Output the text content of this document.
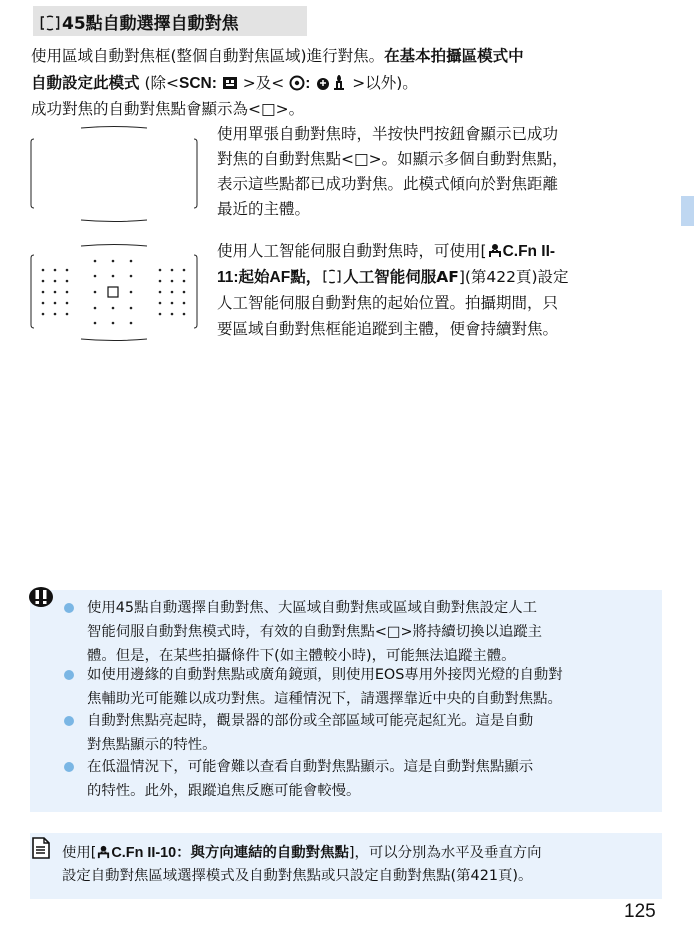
45點自動選擇自動對焦
使用區域自動對焦框(整個自動對焦區域)進行對焦。在基本拍攝區模式中
自動設定此模式 (除<SCN: >及< :	>以外)。
成功對焦的自動對焦點會顯示為<□>。
使用單張自動對焦時，半按快門按鈕會顯示已成功
對焦的自動對焦點<□>。如顯示多個自動對焦點，
表示這些點都已成功對焦。此模式傾向於對焦距離
最近的主體。
使用人工智能伺服自動對焦時，可使用[ C.Fn II-
11:起始AF點， 人工智能伺服AF](第422頁)設定
人工智能伺服自動對焦的起始位置。拍攝期間，只
要區域自動對焦框能追蹤到主體，便會持續對焦。
使用45點自動選擇自動對焦、大區域自動對焦或區域自動對焦設定人工
智能伺服自動對焦模式時，有效的自動對焦點<□>將持續切換以追蹤主
體。但是，在某些拍攝條件下(如主體較小時)，可能無法追蹤主體。
如使用邊緣的自動對焦點或廣角鏡頭，則使用EOS專用外接閃光燈的自動對
焦輔助光可能難以成功對焦。這種情況下，請選擇靠近中央的自動對焦點。
自動對焦點亮起時，觀景器的部份或全部區域可能亮起紅光。這是自動
對焦點顯示的特性。
在低溫情況下，可能會難以查看自動對焦點顯示。這是自動對焦點顯示
的特性。此外，跟蹤追焦反應可能會較慢。
使用[ C.Fn II-10：與方向連結的自動對焦點]，可以分別為水平及垂直方向
設定自動對焦區域選擇模式及自動對焦點或只設定自動對焦點(第421頁)。
125
